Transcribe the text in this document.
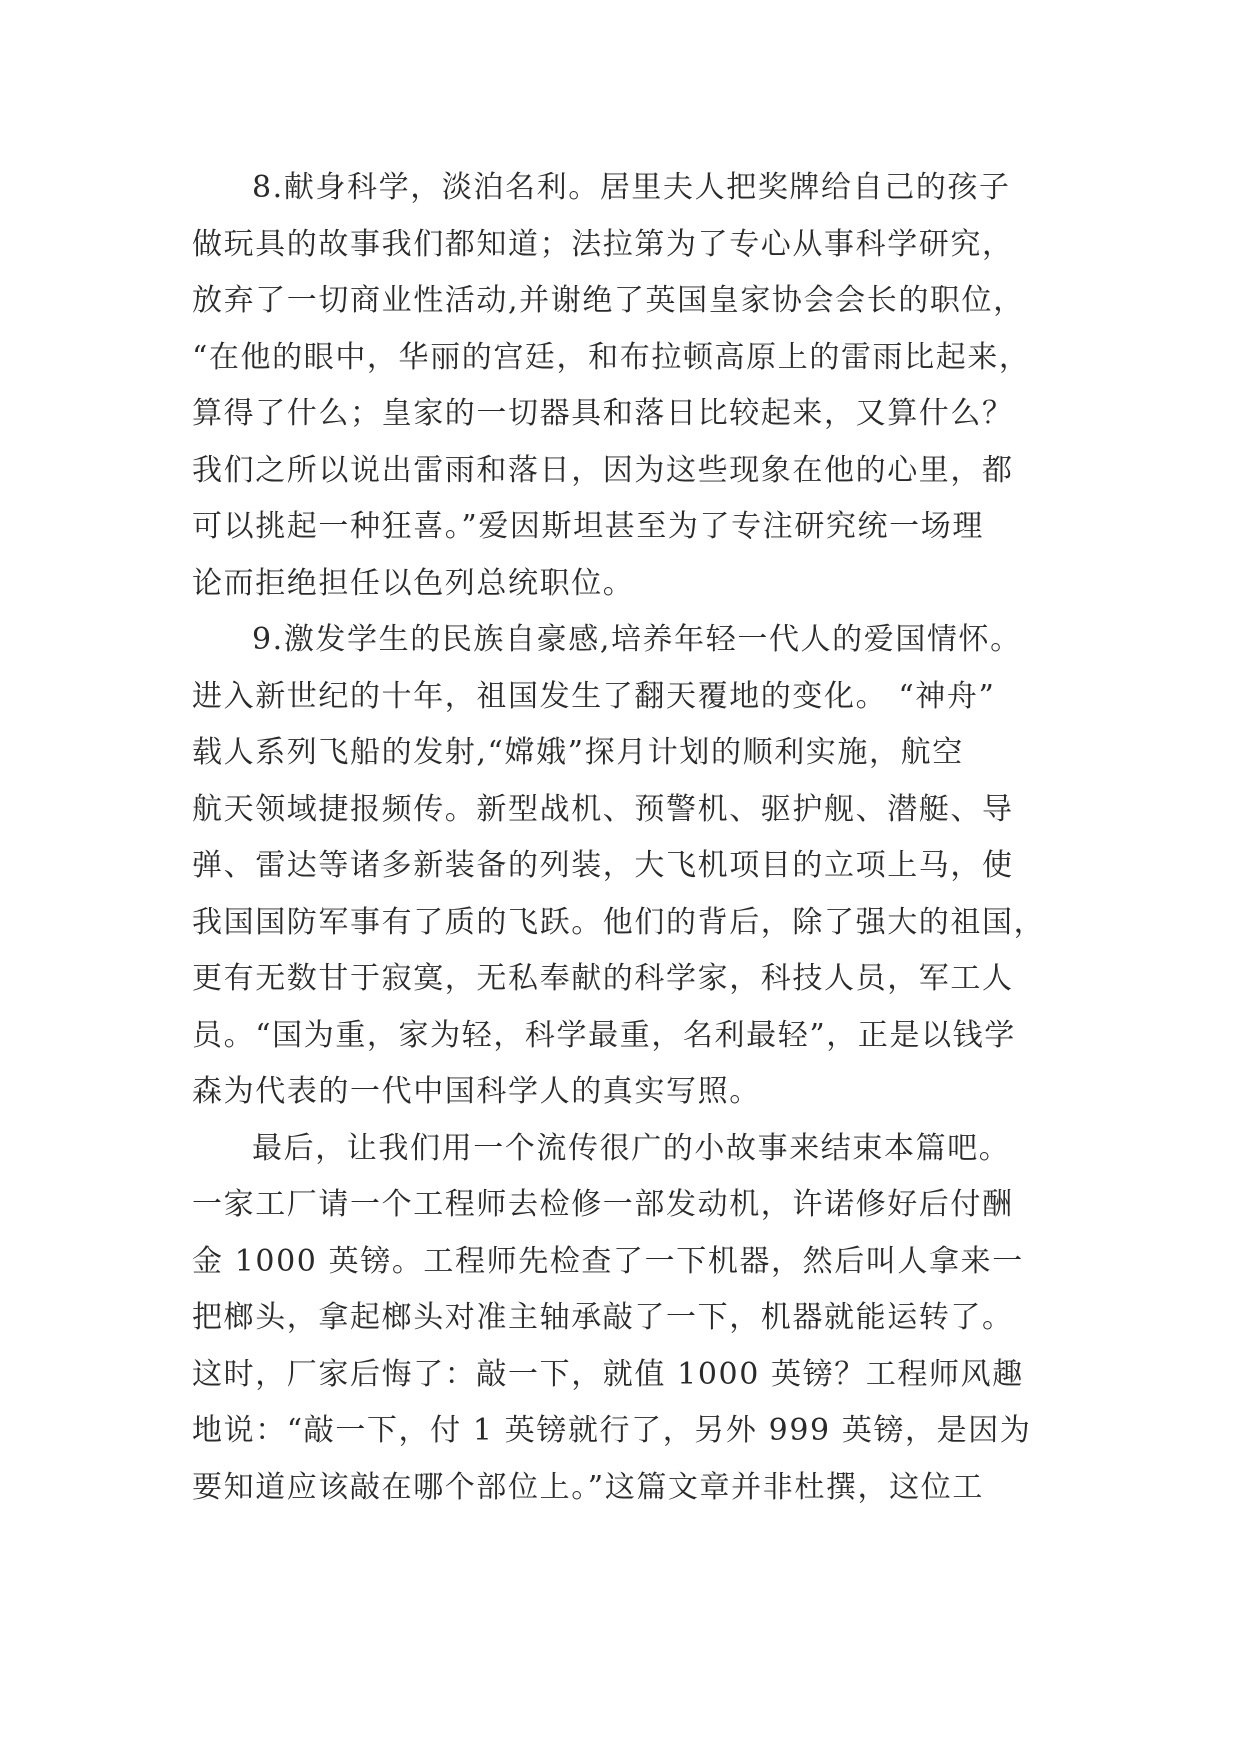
8.献身科学，淡泊名利。居里夫人把奖牌给自己的孩子
做玩具的故事我们都知道；法拉第为了专心从事科学研究，
放弃了一切商业性活动,并谢绝了英国皇家协会会长的职位，
“在他的眼中，华丽的宫廷，和布拉顿高原上的雷雨比起来，
算得了什么；皇家的一切器具和落日比较起来，又算什么？
我们之所以说出雷雨和落日，因为这些现象在他的心里，都
可以挑起一种狂喜。”爱因斯坦甚至为了专注研究统一场理
论而拒绝担任以色列总统职位。
9.激发学生的民族自豪感,培养年轻一代人的爱国情怀。
进入新世纪的十年，祖国发生了翻天覆地的变化。 “神舟”
载人系列飞船的发射,“嫦娥”探月计划的顺利实施，航空
航天领域捷报频传。新型战机、预警机、驱护舰、潜艇、导
弹、雷达等诸多新装备的列装，大飞机项目的立项上马，使
我国国防军事有了质的飞跃。他们的背后，除了强大的祖国，
更有无数甘于寂寞，无私奉献的科学家，科技人员，军工人
员。“国为重，家为轻，科学最重，名利最轻”，正是以钱学
森为代表的一代中国科学人的真实写照。
最后，让我们用一个流传很广的小故事来结束本篇吧。
一家工厂请一个工程师去检修一部发动机，许诺修好后付酬
金 1000 英镑。工程师先检查了一下机器，然后叫人拿来一
把榔头，拿起榔头对准主轴承敲了一下，机器就能运转了。
这时，厂家后悔了：敲一下，就值 1000 英镑？工程师风趣
地说：“敲一下，付 1 英镑就行了，另外 999 英镑，是因为
要知道应该敲在哪个部位上。”这篇文章并非杜撰，这位工
